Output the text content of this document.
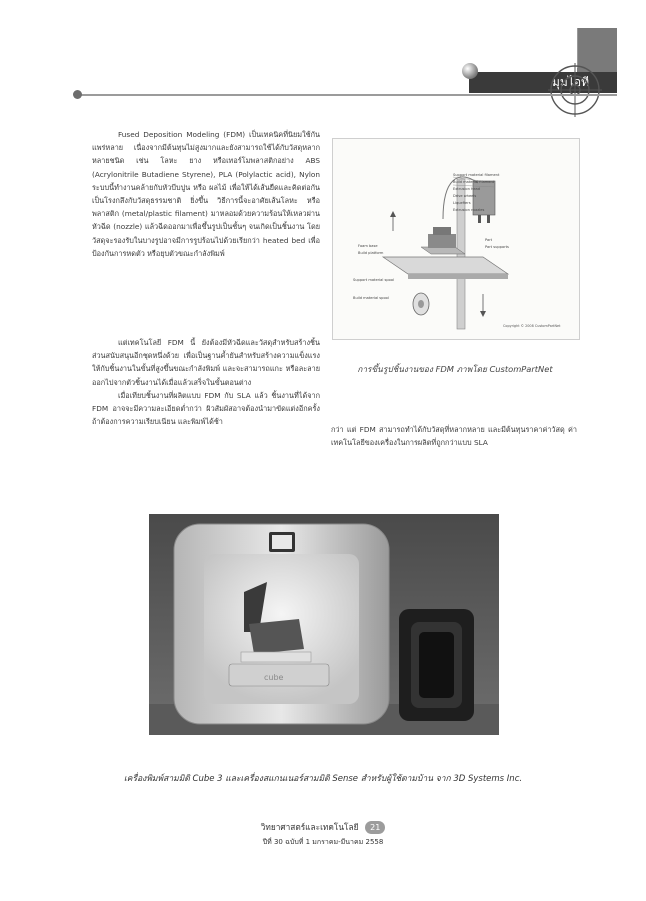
มุมไอที

Fused Deposition Modeling (FDM) เป็นเทคนิคที่นิยมใช้กันแพร่หลาย เนื่องจากมีต้นทุนไม่สูงมากและยังสามารถใช้ได้กับวัสดุหลากหลายชนิด เช่น โลหะ ยาง หรือเทอร์โมพลาสติกอย่าง ABS (Acrylonitrile Butadiene Styrene), PLA (Polylactic acid), Nylon ระบบนี้ทำงานคล้ายกับหัวบีบปูน หรือ ผลไม้ เพื่อให้ได้เส้นยืดและคิดต่อกันเป็นโรงกลึงกับวัสดุธรรมชาติ ยิ่งขึ้น วิธีการนี้จะอาศัยเส้นโลหะ หรือพลาสติก (metal/plastic filament) มาหลอมด้วยความร้อนให้เหลวผ่านหัวฉีด (nozzle) แล้วฉีดออกมาเพื่อขึ้นรูปเป็นชั้นๆ จนเกิดเป็นชิ้นงาน โดยวัสดุจะรองรับในบางรูปอาจมีการรูปร้อนไปด้วยเรียกว่า heated bed เพื่อป้องกันการหดตัว หรือยุบตัวขณะกำลังพิมพ์

แต่เทคโนโลยี FDM นี้ ยังต้องมีหัวฉีดและวัสดุสำหรับสร้างชิ้นส่วนสนับสนุนอีกชุดหนึ่งด้วย เพื่อเป็นฐานค้ำยันสำหรับสร้างความแข็งแรงให้กับชิ้นงานในขั้นที่สูงขึ้นขณะกำลังพิมพ์ และจะสามารถแกะ หรือละลายออกไปจากตัวชิ้นงานได้เมื่อแล้วเสร็จในขั้นตอนต่าง

เมื่อเทียบชิ้นงานที่ผลิตแบบ FDM กับ SLA แล้ว ชิ้นงานที่ได้จาก FDM อาจจะมีความละเอียดต่ำกว่า ผิวสัมผัสอาจต้องนำมาขัดแต่งอีกครั้งถ้าต้องการความเรียบเนียน และพิมพ์ได้ช้า

Support material filament
Build material filament
Extrusion head
Drive wheels
Liquefiers
Extrusion nozzles
Part
Part supports
Foam base
Build platform
Support material spool
Build material spool
Copyright © 2008 CustomPartNet
การขึ้นรูปชิ้นงานของ FDM ภาพโดย CustomPartNet

กว่า แต่ FDM สามารถทำได้กับวัสดุที่หลากหลาย และมีต้นทุนราคาค่าวัสดุ ค่าเทคโนโลยีของเครื่องในการผลิตที่ถูกกว่าแบบ SLA

cube
เครื่องพิมพ์สามมิติ Cube 3 และเครื่องสแกนเนอร์สามมิติ Sense สำหรับผู้ใช้ตามบ้าน จาก 3D Systems Inc.
วิทยาศาสตร์และเทคโนโลยี 21
ปีที่ 30 ฉบับที่ 1 มกราคม-มีนาคม 2558
